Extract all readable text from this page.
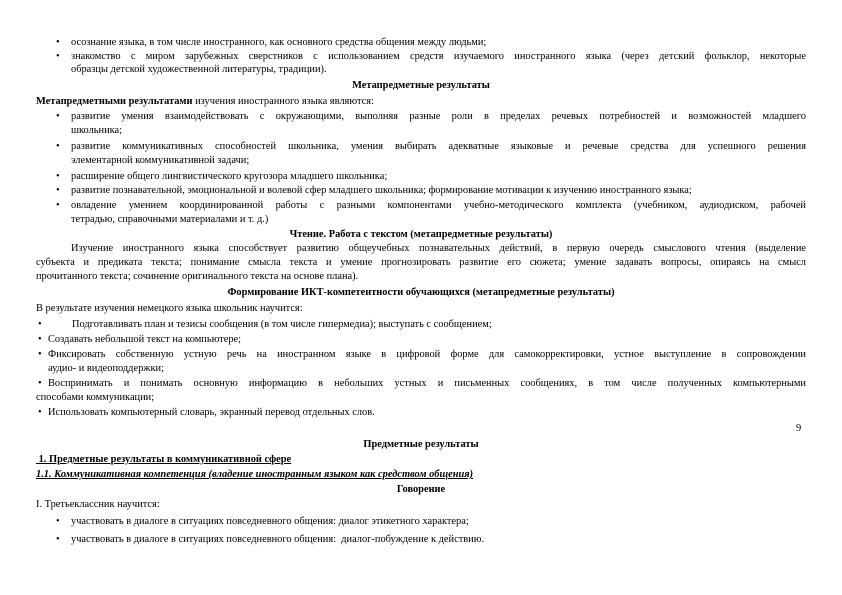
• осознание языка, в том числе иностранного, как основного средства общения между людьми;
• знакомство с миром зарубежных сверстников с использованием средств изучаемого иностранного языка (через детский фольклор, некоторые
образцы детской художественной литературы, традиции).
Метапредметные результаты
Метапредметными результатами изучения иностранного языка являются:
• развитие умения взаимодействовать с окружающими, выполняя разные роли в пределах речевых потребностей и возможностей младшего
школьника;
• развитие коммуникативных способностей школьника, умения выбирать адекватные языковые и речевые средства для успешного решения
элементарной коммуникативной задачи;
• расширение общего лингвистического кругозора младшего школьника;
• развитие познавательной, эмоциональной и волевой сфер младшего школьника; формирование мотивации к изучению иностранного языка;
• овладение умением координированной работы с разными компонентами учебно-методического комплекта (учебником, аудиодиском, рабочей
тетрадью, справочными материалами и т. д.)
Чтение. Работа с текстом (метапредметные результаты)
Изучение иностранного языка способствует развитию общеучебных познавательных действий, в первую очередь смыслового чтения (выделение
субъекта и предиката текста; понимание смысла текста и умение прогнозировать развитие его сюжета; умение задавать вопросы, опираясь на смысл
прочитанного текста; сочинение оригинального текста на основе плана).
Формирование ИКТ-компетентности обучающихся (метапредметные результаты)
В результате изучения немецкого языка школьник научится:
•	Подготавливать план и тезисы сообщения (в том числе гипермедиа); выступать с сообщением;
• Создавать небольшой текст на компьютере;
• Фиксировать собственную устную речь на иностранном языке в цифровой форме для самокорректировки, устное выступление в сопровождении
аудио- и видеоподдержки;
• Воспринимать и понимать основную информацию в небольших устных и письменных сообщениях, в том числе полученных компьютерными
способами коммуникации;
• Использовать компьютерный словарь, экранный перевод отдельных слов.
9
Предметные результаты
1. Предметные результаты в коммуникативной сфере
1.1. Коммуникативная компетенция (владение иностранным языком как средством общения)
Говорение
I. Третьеклассник научится:
• участвовать в диалоге в ситуациях повседневного общения: диалог этикетного характера;
• участвовать в диалоге в ситуациях повседневного общения:  диалог-побуждение к действию.
